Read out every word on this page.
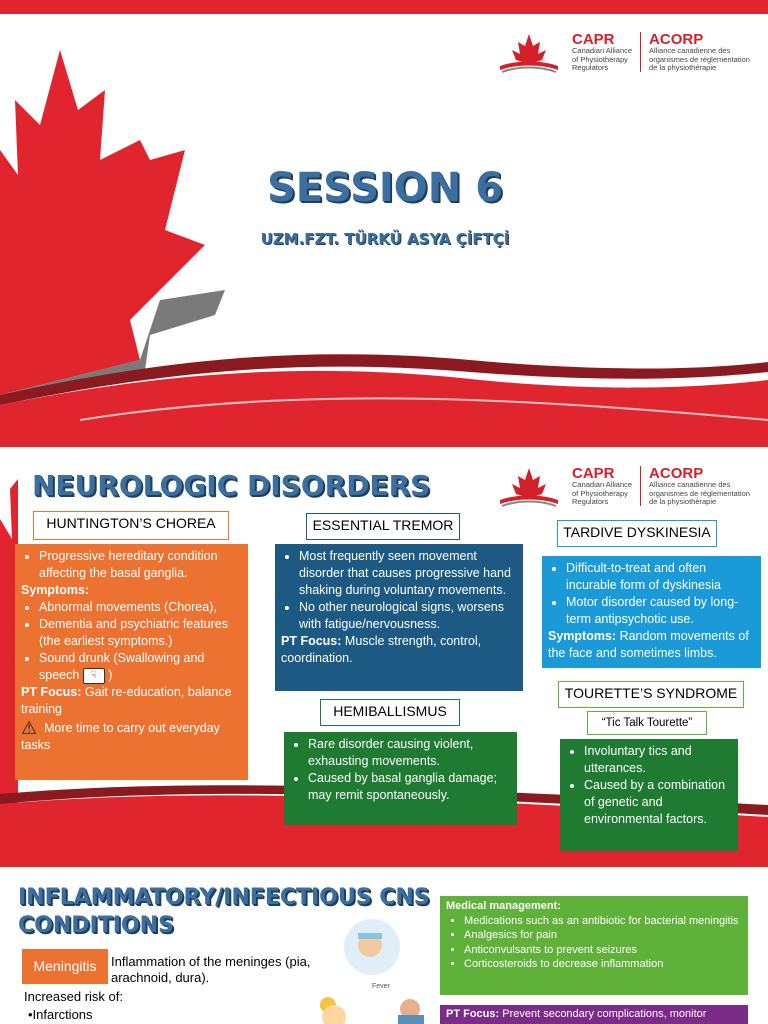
CAPR
Canadian Alliance
of Physiotherapy
Regulators
ACORP
Alliance canadienne des
organismes de réglementation
de la physiothérapie
SESSION 6
UZM.FZT. TÜRKÜ ASYA ÇİFTÇİ
NEUROLOGIC DISORDERS	CAPR
Canadian Alliance
of Physiotherapy
Regulators
ACORP
Alliance canadienne des
organismes de réglementation
de la physiothérapie
HUNTINGTON’S CHOREA
• Progressive hereditary condition affecting the basal ganglia.
Symptoms:
• Abnormal movements (Chorea),
• Dementia and psychiatric features (the earliest symptoms.)
• Sound drunk (Swallowing and speech ☟ )
PT Focus: Gait re-education, balance training
⚠ More time to carry out everyday tasks
ESSENTIAL TREMOR
• Most frequently seen movement disorder that causes progressive hand shaking during voluntary movements.
• No other neurological signs, worsens with fatigue/nervousness.
PT Focus: Muscle strength, control, coordination.
HEMIBALLISMUS
• Rare disorder causing violent, exhausting movements.
• Caused by basal ganglia damage; may remit spontaneously.
TARDIVE DYSKINESIA
• Difficult-to-treat and often incurable form of dyskinesia
• Motor disorder caused by long-term antipsychotic use.
Symptoms: Random movements of the face and sometimes limbs.
TOURETTE’S SYNDROME
“Tic Talk Tourette”
• Involuntary tics and utterances.
• Caused by a combination of genetic and environmental factors.
INFLAMMATORY/INFECTIOUS CNS
CONDITIONS
Meningitis	Inflammation of the meninges (pia, arachnoid, dura).
Increased risk of:
•Infarctions
Fever
Medical management:
• Medications such as an antibiotic for bacterial meningitis
• Analgesics for pain
• Anticonvulsants to prevent seizures
• Corticosteroids to decrease inflammation
PT Focus: Prevent secondary complications, monitor
